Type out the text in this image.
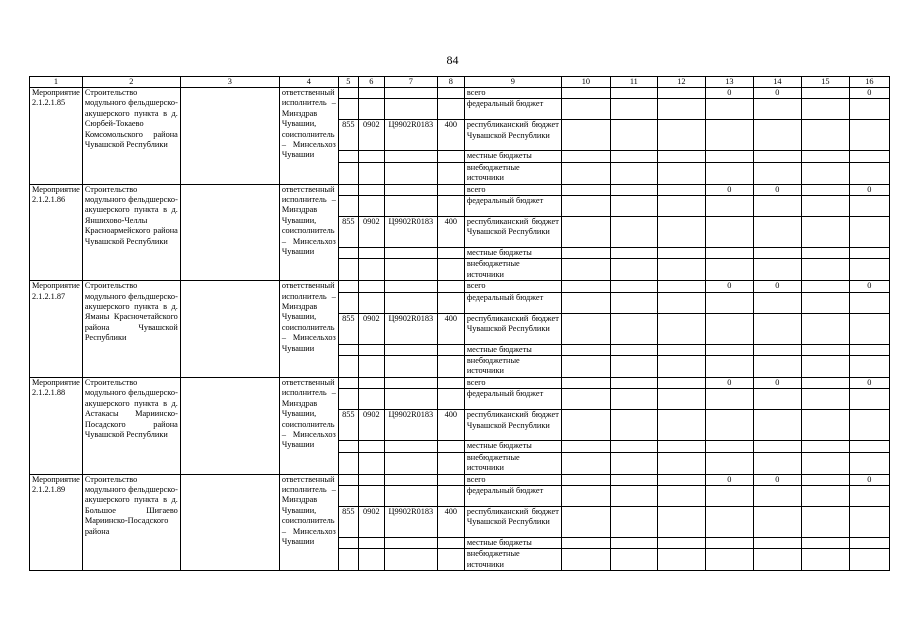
84
1	2	3	4	5	6	7	8	9	10	11	12	13	14	15	16
Мероприятие 2.1.2.1.85	Строительство модульного фельдшерско-акушерского пункта в д. Сюрбей-Токаево Комсомольского района Чувашской Республики		ответственный исполнитель – Минздрав Чувашии, соисполнитель – Минсельхоз Чувашии					всего				0	0		0
								федеральный бюджет							
				855	0902	Ц9902R0183	400	республиканский бюджет Чувашской Республики							
								местные бюджеты							
								внебюджетные источники							
Мероприятие 2.1.2.1.86	Строительство модульного фельдшерско-акушерского пункта в д. Яншихово-Челлы Красноармейского района Чувашской Республики		ответственный исполнитель – Минздрав Чувашии, соисполнитель – Минсельхоз Чувашии					всего				0	0		0
								федеральный бюджет							
				855	0902	Ц9902R0183	400	республиканский бюджет Чувашской Республики							
								местные бюджеты							
								внебюджетные источники							
Мероприятие 2.1.2.1.87	Строительство модульного фельдшерско-акушерского пункта в д. Яманы Красночетайского района Чувашской Республики		ответственный исполнитель – Минздрав Чувашии, соисполнитель – Минсельхоз Чувашии					всего				0	0		0
								федеральный бюджет							
				855	0902	Ц9902R0183	400	республиканский бюджет Чувашской Республики							
								местные бюджеты							
								внебюджетные источники							
Мероприятие 2.1.2.1.88	Строительство модульного фельдшерско-акушерского пункта в д. Астакасы Мариинско-Посадского района Чувашской Республики		ответственный исполнитель – Минздрав Чувашии, соисполнитель – Минсельхоз Чувашии					всего				0	0		0
								федеральный бюджет							
				855	0902	Ц9902R0183	400	республиканский бюджет Чувашской Республики							
								местные бюджеты							
								внебюджетные источники							
Мероприятие 2.1.2.1.89	Строительство модульного фельдшерско-акушерского пункта в д. Большое Шигаево Мариинско-Посадского района		ответственный исполнитель – Минздрав Чувашии, соисполнитель – Минсельхоз Чувашии					всего				0	0		0
								федеральный бюджет							
				855	0902	Ц9902R0183	400	республиканский бюджет Чувашской Республики							
								местные бюджеты							
								внебюджетные источники							
